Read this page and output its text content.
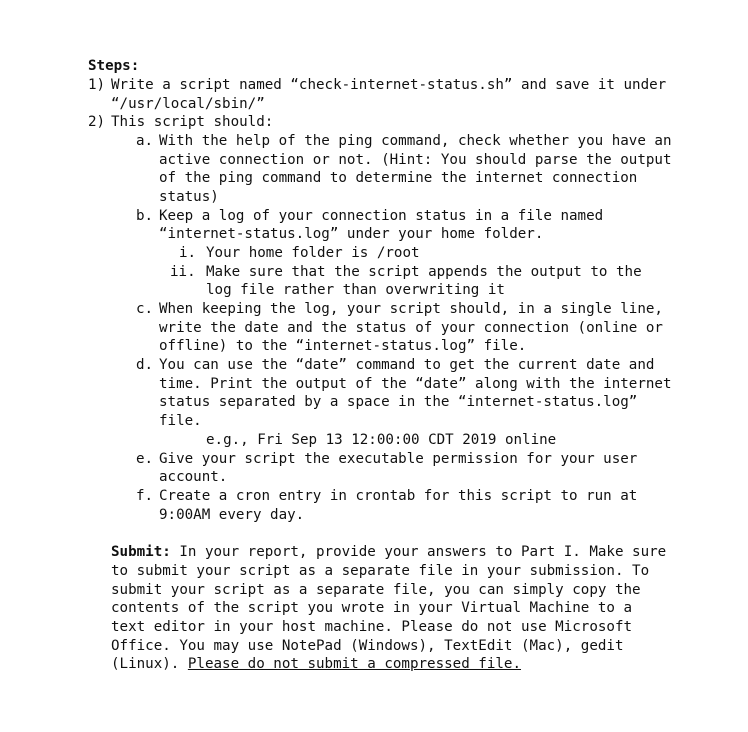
Steps:
1) Write a script named “check-internet-status.sh” and save it under
“/usr/local/sbin/”
2) This script should:
a. With the help of the ping command, check whether you have an
active connection or not. (Hint: You should parse the output
of the ping command to determine the internet connection
status)
b. Keep a log of your connection status in a file named
“internet-status.log” under your home folder.
i. Your home folder is /root
ii. Make sure that the script appends the output to the
log file rather than overwriting it
c. When keeping the log, your script should, in a single line,
write the date and the status of your connection (online or
offline) to the “internet-status.log” file.
d. You can use the “date” command to get the current date and
time. Print the output of the “date” along with the internet
status separated by a space in the “internet-status.log”
file.
e.g., Fri Sep 13 12:00:00 CDT 2019 online
e. Give your script the executable permission for your user
account.
f. Create a cron entry in crontab for this script to run at
9:00AM every day.
Submit: In your report, provide your answers to Part I. Make sure
to submit your script as a separate file in your submission. To
submit your script as a separate file, you can simply copy the
contents of the script you wrote in your Virtual Machine to a
text editor in your host machine. Please do not use Microsoft
Office. You may use NotePad (Windows), TextEdit (Mac), gedit
(Linux). Please do not submit a compressed file.
